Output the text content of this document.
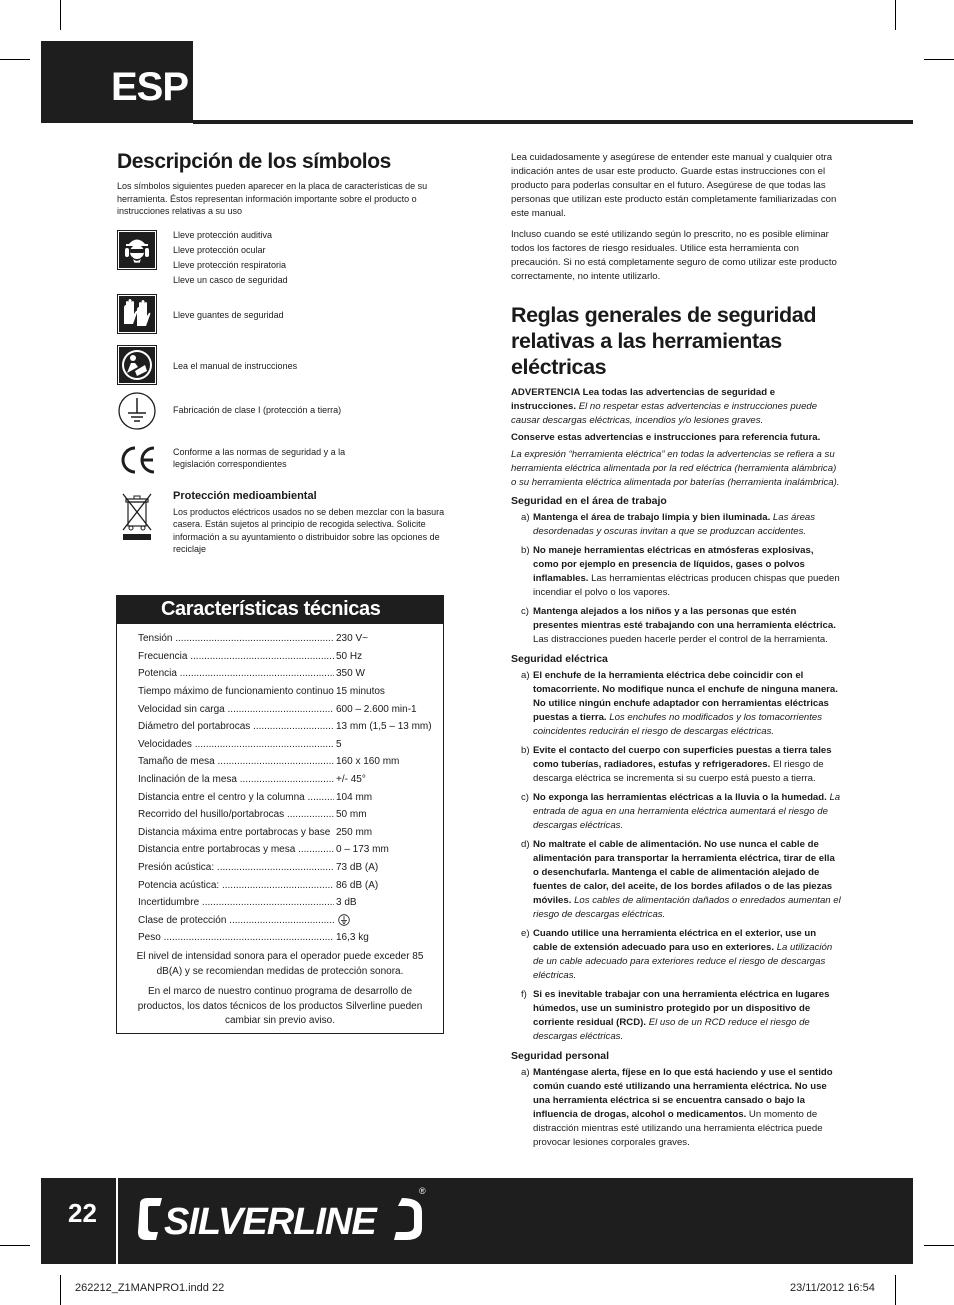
ESP
Descripción de los símbolos
Los símbolos siguientes pueden aparecer en la placa de características de su herramienta. Éstos representan información importante sobre el producto o instrucciones relativas a su uso
Lleve protección auditiva
Lleve protección ocular
Lleve protección respiratoria
Lleve un casco de seguridad
Lleve guantes de seguridad
Lea el manual de instrucciones
Fabricación de clase I (protección a tierra)
Conforme a las normas de seguridad y a la
legislación correspondientes
Protección medioambiental
Los productos eléctricos usados no se deben mezclar con la basura casera. Están sujetos al principio de recogida selectiva. Solicite información a su ayuntamiento o distribuidor sobre las opciones de reciclaje
Características técnicas
Tensión .....	230 V~
Frecuencia .....	50 Hz
Potencia .....	350 W
Tiempo máximo de funcionamiento continuo ..... 15 minutos
Velocidad sin carga .....	600 – 2.600 min-1
Diámetro del portabrocas .....	13 mm (1,5 – 13 mm)
Velocidades .....	5
Tamaño de mesa .....	160 x 160 mm
Inclinación de la mesa .....	+/- 45°
Distancia entre el centro y la columna .....	104 mm
Recorrido del husillo/portabrocas .....	50 mm
Distancia máxima entre portabrocas y base ..... 250 mm
Distancia entre portabrocas y mesa .....	0 – 173 mm
Presión acústica: .....	73 dB (A)
Potencia acústica: .....	86 dB (A)
Incertidumbre .....	3 dB
Clase de protección .....
Peso .....	16,3 kg
El nivel de intensidad sonora para el operador puede exceder 85 dB(A) y se recomiendan medidas de protección sonora.
En el marco de nuestro continuo programa de desarrollo de productos, los datos técnicos de los productos Silverline pueden cambiar sin previo aviso.

Lea cuidadosamente y asegúrese de entender este manual y cualquier otra indicación antes de usar este producto. Guarde estas instrucciones con el producto para poderlas consultar en el futuro. Asegúrese de que todas las personas que utilizan este producto están completamente familiarizadas con este manual.

Incluso cuando se esté utilizando según lo prescrito, no es posible eliminar todos los factores de riesgo residuales. Utilice esta herramienta con precaución. Si no está completamente seguro de como utilizar este producto correctamente, no intente utilizarlo.

Reglas generales de seguridad relativas a las herramientas eléctricas
ADVERTENCIA Lea todas las advertencias de seguridad e instrucciones. El no respetar estas advertencias e instrucciones puede causar descargas eléctricas, incendios y/o lesiones graves.
Conserve estas advertencias e instrucciones para referencia futura.
La expresión “herramienta eléctrica” en todas la advertencias se refiera a su herramienta eléctrica alimentada por la red eléctrica (herramienta alámbrica) o su herramienta eléctrica alimentada por baterías (herramienta inalámbrica).
Seguridad en el área de trabajo
a) Mantenga el área de trabajo limpia y bien iluminada. Las áreas desordenadas y oscuras invitan a que se produzcan accidentes.
b) No maneje herramientas eléctricas en atmósferas explosivas, como por ejemplo en presencia de líquidos, gases o polvos inflamables. Las herramientas eléctricas producen chispas que pueden incendiar el polvo o los vapores.
c) Mantenga alejados a los niños y a las personas que estén presentes mientras esté trabajando con una herramienta eléctrica. Las distracciones pueden hacerle perder el control de la herramienta.
Seguridad eléctrica
a) El enchufe de la herramienta eléctrica debe coincidir con el tomacorriente. No modifique nunca el enchufe de ninguna manera. No utilice ningún enchufe adaptador con herramientas eléctricas puestas a tierra. Los enchufes no modificados y los tomacorrientes coincidentes reducirán el riesgo de descargas eléctricas.
b) Evite el contacto del cuerpo con superficies puestas a tierra tales como tuberías, radiadores, estufas y refrigeradores. El riesgo de descarga eléctrica se incrementa si su cuerpo está puesto a tierra.
c) No exponga las herramientas eléctricas a la lluvia o la humedad. La entrada de agua en una herramienta eléctrica aumentará el riesgo de descargas eléctricas.
d) No maltrate el cable de alimentación. No use nunca el cable de alimentación para transportar la herramienta eléctrica, tirar de ella o desenchufarla. Mantenga el cable de alimentación alejado de fuentes de calor, del aceite, de los bordes afilados o de las piezas móviles. Los cables de alimentación dañados o enredados aumentan el riesgo de descargas eléctricas.
e) Cuando utilice una herramienta eléctrica en el exterior, use un cable de extensión adecuado para uso en exteriores. La utilización de un cable adecuado para exteriores reduce el riesgo de descargas eléctricas.
f) Si es inevitable trabajar con una herramienta eléctrica en lugares húmedos, use un suministro protegido por un dispositivo de corriente residual (RCD). El uso de un RCD reduce el riesgo de descargas eléctricas.
Seguridad personal
a) Manténgase alerta, fíjese en lo que está haciendo y use el sentido común cuando esté utilizando una herramienta eléctrica. No use una herramienta eléctrica si se encuentra cansado o bajo la influencia de drogas, alcohol o medicamentos. Un momento de distracción mientras esté utilizando una herramienta eléctrica puede provocar lesiones corporales graves.
22 SILVERLINE
®
262212_Z1MANPRO1.indd 22	23/11/2012 16:54
